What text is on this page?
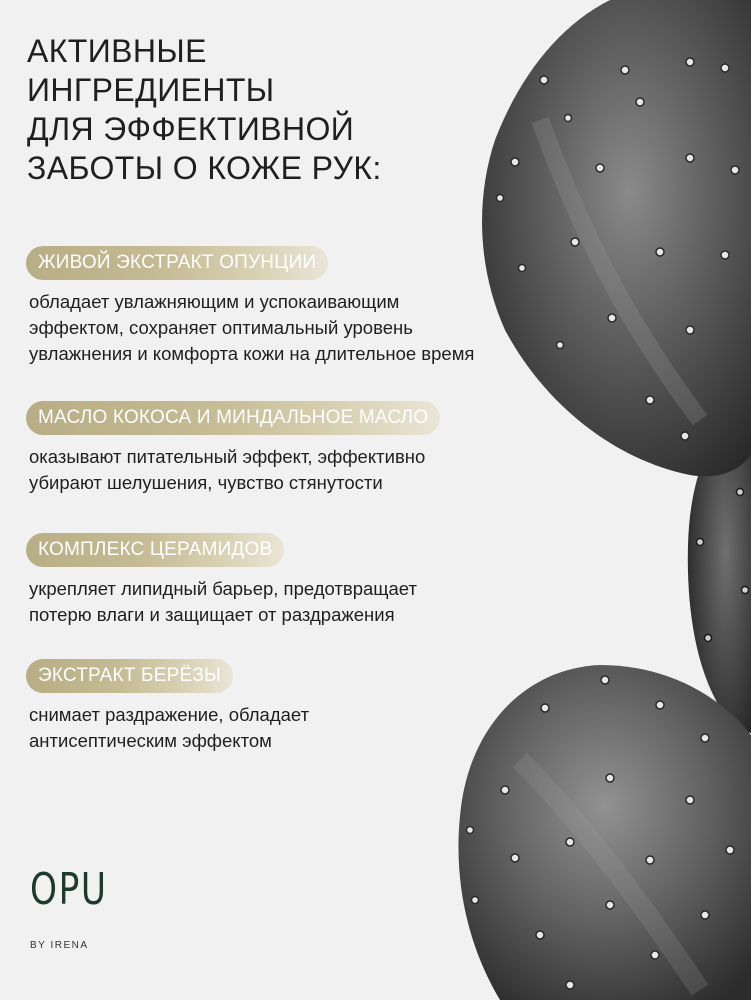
АКТИВНЫЕ ИНГРЕДИЕНТЫ
ДЛЯ ЭФФЕКТИВНОЙ
ЗАБОТЫ О КОЖЕ РУК:
ЖИВОЙ ЭКСТРАКТ ОПУНЦИИ
обладает увлажняющим и успокаивающим
эффектом, сохраняет оптимальный уровень
увлажнения и комфорта кожи на длительное время
МАСЛО КОКОСА И МИНДАЛЬНОЕ МАСЛО
оказывают питательный эффект, эффективно
убирают шелушения, чувство стянутости
КОМПЛЕКС ЦЕРАМИДОВ
укрепляет липидный барьер, предотвращает
потерю влаги и защищает от раздражения
ЭКСТРАКТ БЕРЁЗЫ
снимает раздражение, обладает
антисептическим эффектом
OPU
BY IRENA
